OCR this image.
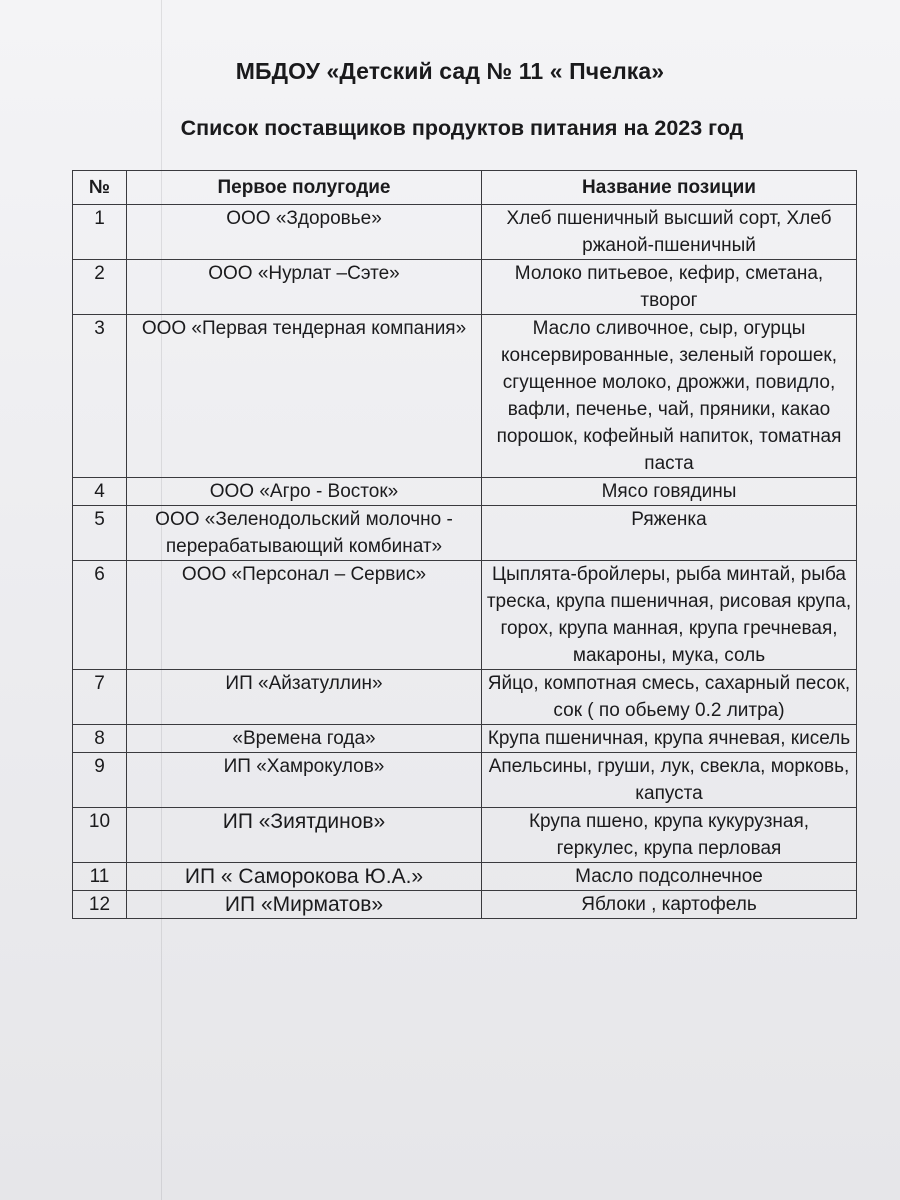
МБДОУ «Детский сад № 11 « Пчелка»
Список поставщиков продуктов питания на 2023 год
№	Первое полугодие	Название позиции
1	ООО «Здоровье»	Хлеб пшеничный высший сорт, Хлеб ржаной-пшеничный
2	ООО «Нурлат –Сэте»	Молоко питьевое, кефир, сметана, творог
3	ООО «Первая тендерная компания»	Масло сливочное, сыр, огурцы консервированные, зеленый горошек, сгущенное молоко, дрожжи, повидло, вафли, печенье, чай, пряники, какао порошок, кофейный напиток, томатная паста
4	ООО «Агро - Восток»	Мясо говядины
5	ООО «Зеленодольский молочно - перерабатывающий комбинат»	Ряженка
6	ООО «Персонал – Сервис»	Цыплята-бройлеры, рыба минтай, рыба треска, крупа пшеничная, рисовая крупа, горох, крупа манная, крупа гречневая, макароны, мука, соль
7	ИП «Айзатуллин»	Яйцо, компотная смесь, сахарный песок, сок ( по обьему 0.2 литра)
8	«Времена года»	Крупа пшеничная, крупа ячневая, кисель
9	ИП «Хамрокулов»	Апельсины, груши, лук, свекла, морковь, капуста
10	ИП «Зиятдинов»	Крупа пшено, крупа кукурузная, геркулес, крупа перловая
11	ИП « Саморокова Ю.А.»	Масло подсолнечное
12	ИП «Мирматов»	Яблоки , картофель
